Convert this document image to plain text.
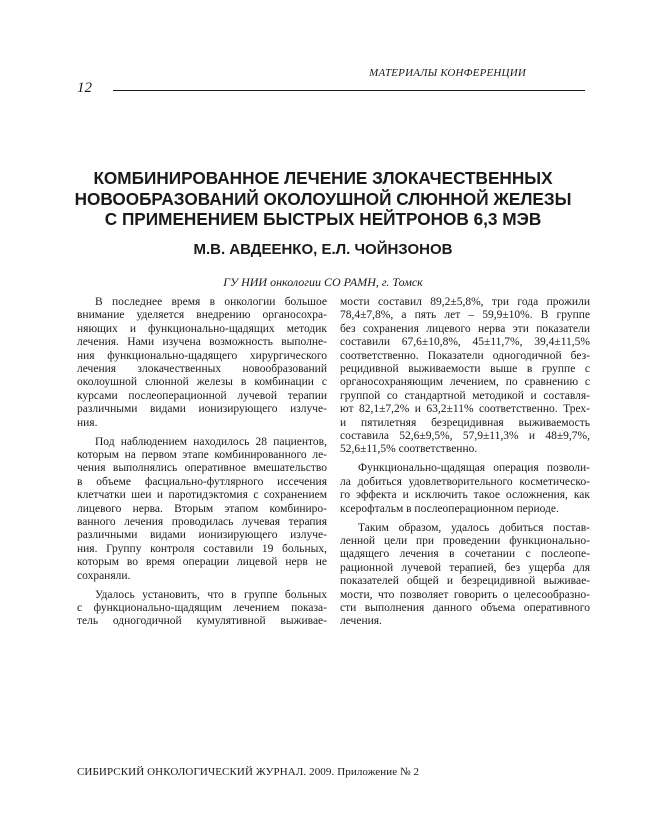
МАТЕРИАЛЫ КОНФЕРЕНЦИИ
12
КОМБИНИРОВАННОЕ ЛЕЧЕНИЕ ЗЛОКАЧЕСТВЕННЫХ
НОВООБРАЗОВАНИЙ ОКОЛОУШНОЙ СЛЮННОЙ ЖЕЛЕЗЫ
С ПРИМЕНЕНИЕМ БЫСТРЫХ НЕЙТРОНОВ 6,3 МЭВ
М.В. АВДЕЕНКО, Е.Л. ЧОЙНЗОНОВ
ГУ НИИ онкологии СО РАМН, г. Томск
В последнее время в онкологии большое
внимание уделяется внедрению органосохра-
няющих и функционально-щадящих методик
лечения. Нами изучена возможность выполне-
ния функционально-щадящего хирургического
лечения злокачественных новообразований
околоушной слюнной железы в комбинации с
курсами послеоперационной лучевой терапии
различными видами ионизирующего излуче-
ния.
Под наблюдением находилось 28 пациентов,
которым на первом этапе комбинированного ле-
чения выполнялись оперативное вмешательство
в объеме фасциально-футлярного иссечения
клетчатки шеи и паротидэктомия с сохранением
лицевого нерва. Вторым этапом комбиниро-
ванного лечения проводилась лучевая терапия
различными видами ионизирующего излуче-
ния. Группу контроля составили 19 больных,
которым во время операции лицевой нерв не
сохраняли.
Удалось установить, что в группе больных
с функционально-щадящим лечением показа-
тель одногодичной кумулятивной выживае-
мости составил 89,2±5,8%, три года прожили
78,4±7,8%, а пять лет – 59,9±10%. В группе
без сохранения лицевого нерва эти показатели
составили 67,6±10,8%, 45±11,7%, 39,4±11,5%
соответственно. Показатели одногодичной без-
рецидивной выживаемости выше в группе с
органосохраняющим лечением, по сравнению с
группой со стандартной методикой и составля-
ют 82,1±7,2% и 63,2±11% соответственно. Трех-
и пятилетняя безрецидивная выживаемость
составила 52,6±9,5%, 57,9±11,3% и 48±9,7%,
52,6±11,5% соответственно.
Функционально-щадящая операция позволи-
ла добиться удовлетворительного косметическо-
го эффекта и исключить такое осложнения, как
ксерофтальм в послеоперационном периоде.
Таким образом, удалось добиться постав-
ленной цели при проведении функционально-
щадящего лечения в сочетании с послеопе-
рационной лучевой терапией, без ущерба для
показателей общей и безрецидивной выживае-
мости, что позволяет говорить о целесообразно-
сти выполнения данного объема оперативного
лечения.
СИБИРСКИЙ ОНКОЛОГИЧЕСКИЙ ЖУРНАЛ. 2009. Приложение № 2
